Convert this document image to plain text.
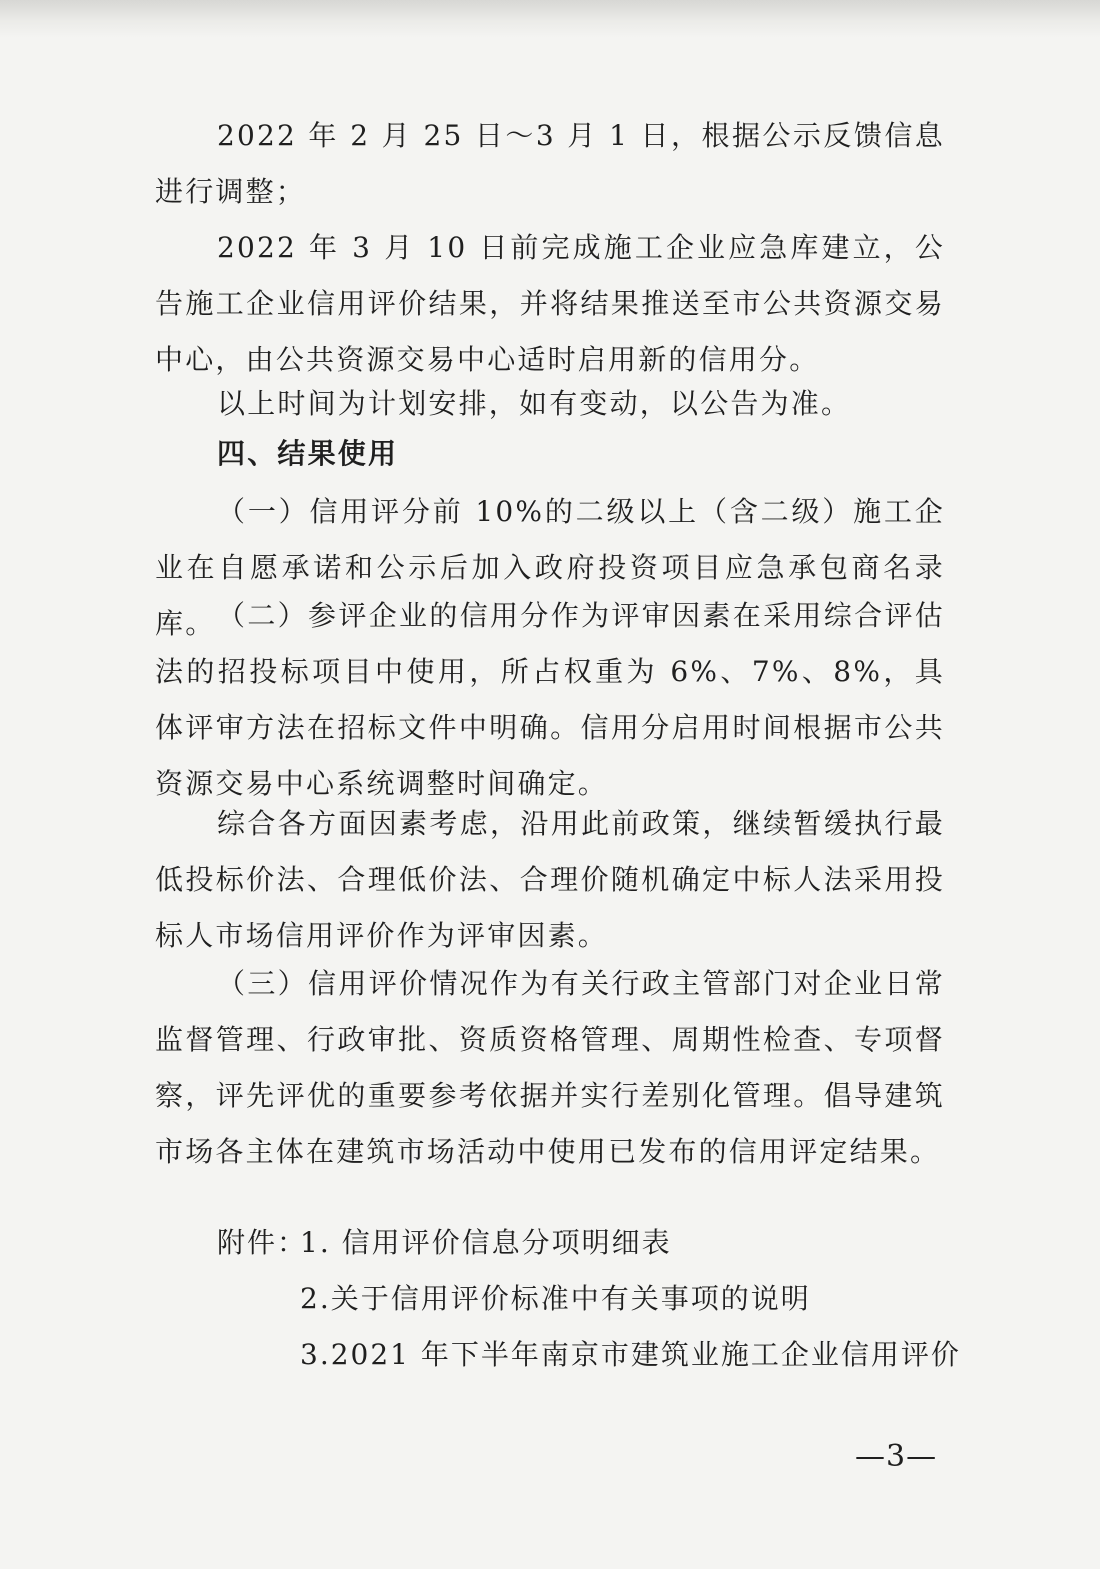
2022 年 2 月 25 日～3 月 1 日，根据公示反馈信息进行调整；

2022 年 3 月 10 日前完成施工企业应急库建立，公告施工企业信用评价结果，并将结果推送至市公共资源交易中心，由公共资源交易中心适时启用新的信用分。

以上时间为计划安排，如有变动，以公告为准。

四、结果使用

（一）信用评分前 10%的二级以上（含二级）施工企业在自愿承诺和公示后加入政府投资项目应急承包商名录库。 （二）参评企业的信用分作为评审因素在采用综合评估法的招投标项目中使用，所占权重为 6%、7%、8%，具体评审方法在招标文件中明确。信用分启用时间根据市公共资源交易中心系统调整时间确定。

综合各方面因素考虑，沿用此前政策，继续暂缓执行最低投标价法、合理低价法、合理价随机确定中标人法采用投标人市场信用评价作为评审因素。

（三）信用评价情况作为有关行政主管部门对企业日常监督管理、行政审批、资质资格管理、周期性检查、专项督察，评先评优的重要参考依据并实行差别化管理。倡导建筑市场各主体在建筑市场活动中使用已发布的信用评定结果。

附件：
1. 信用评价信息分项明细表
2.关于信用评价标准中有关事项的说明
3.2021 年下半年南京市建筑业施工企业信用评价
—3—
